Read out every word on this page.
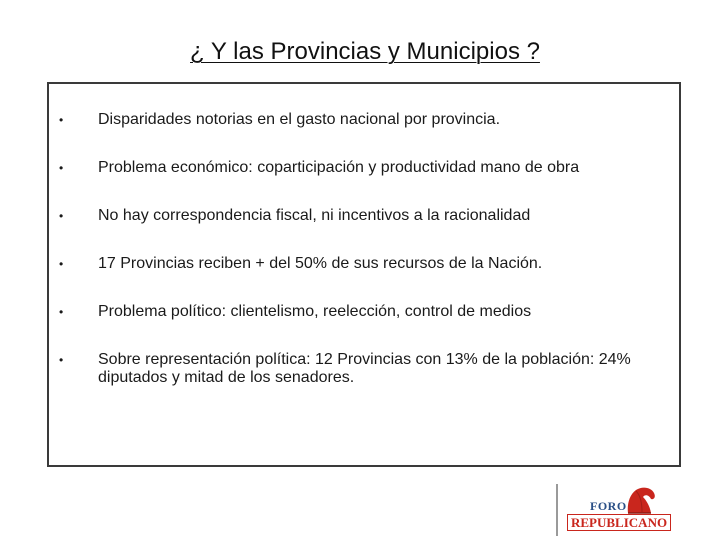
¿ Y las Provincias y Municipios ?
• Disparidades notorias en el gasto nacional por provincia.
• Problema económico: coparticipación y productividad mano de obra
• No hay correspondencia fiscal, ni incentivos a la racionalidad
• 17 Provincias reciben + del 50% de sus recursos de la Nación.
• Problema político: clientelismo, reelección, control de medios
• Sobre representación política: 12 Provincias con 13% de la población: 24% diputados y mitad de los senadores.
FORO
REPUBLICANO
